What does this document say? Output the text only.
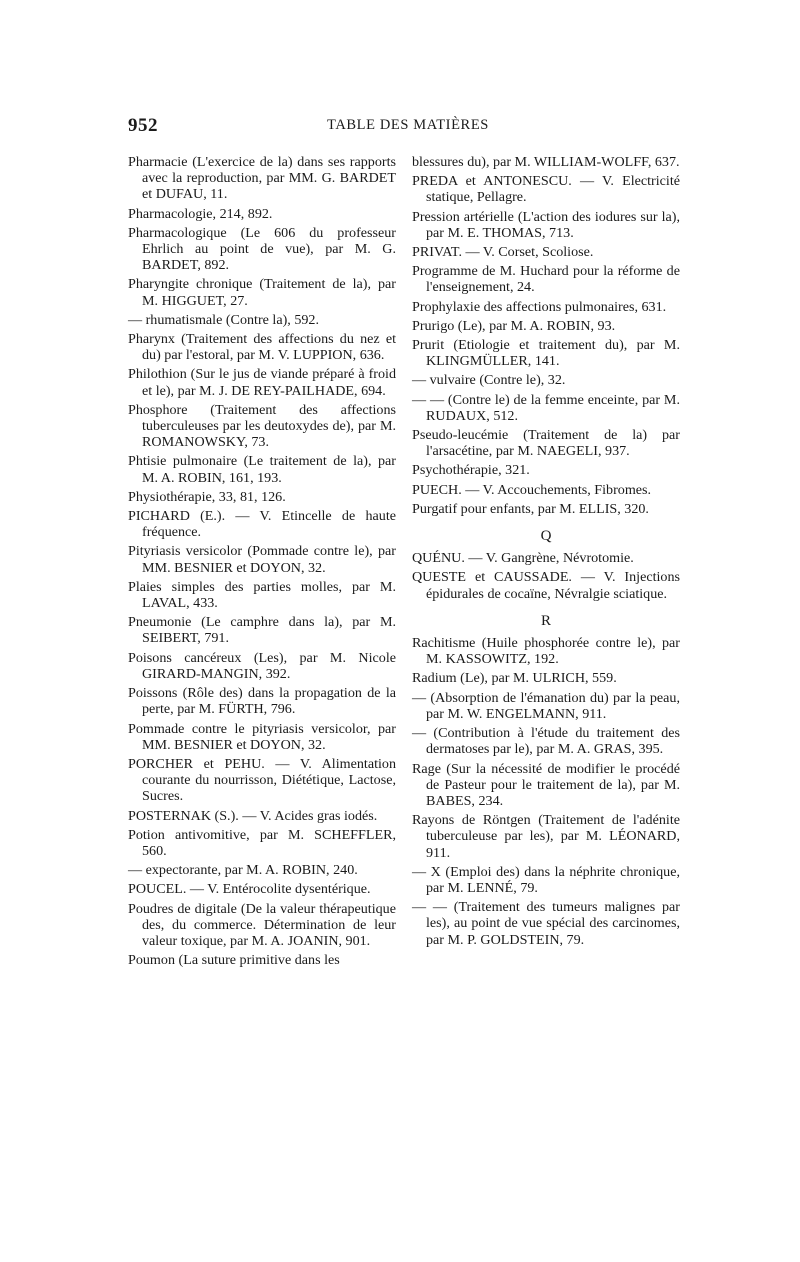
952	TABLE DES MATIÈRES

Pharmacie (L'exercice de la) dans ses rapports avec la reproduction, par MM. G. BARDET et DUFAU, 11.

Pharmacologie, 214, 892.

Pharmacologique (Le 606 du professeur Ehrlich au point de vue), par M. G. BARDET, 892.

Pharyngite chronique (Traitement de la), par M. HIGGUET, 27.

— rhumatismale (Contre la), 592.

Pharynx (Traitement des affections du nez et du) par l'estoral, par M. V. LUPPION, 636.

Philothion (Sur le jus de viande préparé à froid et le), par M. J. DE REY-PAILHADE, 694.

Phosphore (Traitement des affections tuberculeuses par les deutoxydes de), par M. ROMANOWSKY, 73.

Phtisie pulmonaire (Le traitement de la), par M. A. ROBIN, 161, 193.

Physiothérapie, 33, 81, 126.

PICHARD (E.). — V. Etincelle de haute fréquence.

Pityriasis versicolor (Pommade contre le), par MM. BESNIER et DOYON, 32.

Plaies simples des parties molles, par M. LAVAL, 433.

Pneumonie (Le camphre dans la), par M. SEIBERT, 791.

Poisons cancéreux (Les), par M. Nicole GIRARD-MANGIN, 392.

Poissons (Rôle des) dans la propagation de la perte, par M. FÜRTH, 796.

Pommade contre le pityriasis versicolor, par MM. BESNIER et DOYON, 32.

PORCHER et PEHU. — V. Alimentation courante du nourrisson, Diététique, Lactose, Sucres.

POSTERNAK (S.). — V. Acides gras iodés.

Potion antivomitive, par M. SCHEFFLER, 560.

— expectorante, par M. A. ROBIN, 240.

POUCEL. — V. Entérocolite dysentérique.

Poudres de digitale (De la valeur thérapeutique des, du commerce. Détermination de leur valeur toxique, par M. A. JOANIN, 901.

Poumon (La suture primitive dans les

blessures du), par M. WILLIAM-WOLFF, 637.

PREDA et ANTONESCU. — V. Electricité statique, Pellagre.

Pression artérielle (L'action des iodures sur la), par M. E. THOMAS, 713.

PRIVAT. — V. Corset, Scoliose.

Programme de M. Huchard pour la réforme de l'enseignement, 24.

Prophylaxie des affections pulmonaires, 631.

Prurigo (Le), par M. A. ROBIN, 93.

Prurit (Etiologie et traitement du), par M. KLINGMÜLLER, 141.

— vulvaire (Contre le), 32.

— — (Contre le) de la femme enceinte, par M. RUDAUX, 512.

Pseudo-leucémie (Traitement de la) par l'arsacétine, par M. NAEGELI, 937.

Psychothérapie, 321.

PUECH. — V. Accouchements, Fibromes.

Purgatif pour enfants, par M. ELLIS, 320.

Q

QUÉNU. — V. Gangrène, Névrotomie.

QUESTE et CAUSSADE. — V. Injections épidurales de cocaïne, Névralgie sciatique.

R

Rachitisme (Huile phosphorée contre le), par M. KASSOWITZ, 192.

Radium (Le), par M. ULRICH, 559.

— (Absorption de l'émanation du) par la peau, par M. W. ENGELMANN, 911.

— (Contribution à l'étude du traitement des dermatoses par le), par M. A. GRAS, 395.

Rage (Sur la nécessité de modifier le procédé de Pasteur pour le traitement de la), par M. BABES, 234.

Rayons de Röntgen (Traitement de l'adénite tuberculeuse par les), par M. LÉONARD, 911.

— X (Emploi des) dans la néphrite chronique, par M. LENNÉ, 79.

— — (Traitement des tumeurs malignes par les), au point de vue spécial des carcinomes, par M. P. GOLDSTEIN, 79.
